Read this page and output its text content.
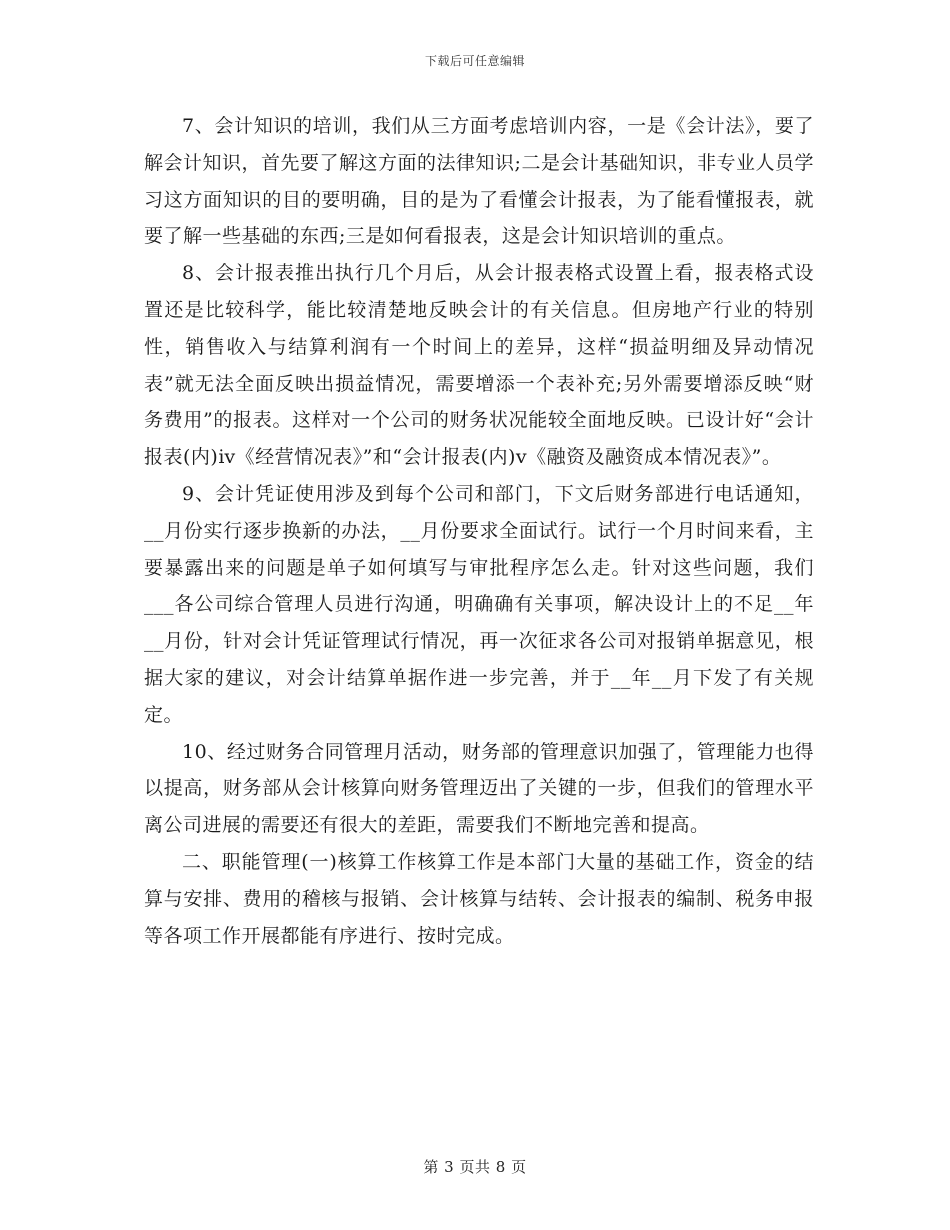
下载后可任意编辑

7、会计知识的培训，我们从三方面考虑培训内容，一是《会计法》，要了解会计知识，首先要了解这方面的法律知识;二是会计基础知识，非专业人员学习这方面知识的目的要明确，目的是为了看懂会计报表，为了能看懂报表，就要了解一些基础的东西;三是如何看报表，这是会计知识培训的重点。

8、会计报表推出执行几个月后，从会计报表格式设置上看，报表格式设置还是比较科学，能比较清楚地反映会计的有关信息。但房地产行业的特别性，销售收入与结算利润有一个时间上的差异，这样“损益明细及异动情况表”就无法全面反映出损益情况，需要增添一个表补充;另外需要增添反映“财务费用”的报表。这样对一个公司的财务状况能较全面地反映。已设计好“会计报表(内)ⅳ《经营情况表》”和“会计报表(内)ⅴ《融资及融资成本情况表》”。

9、会计凭证使用涉及到每个公司和部门，下文后财务部进行电话通知，__月份实行逐步换新的办法，__月份要求全面试行。试行一个月时间来看，主要暴露出来的问题是单子如何填写与审批程序怎么走。针对这些问题，我们___各公司综合管理人员进行沟通，明确确有关事项，解决设计上的不足__年__月份，针对会计凭证管理试行情况，再一次征求各公司对报销单据意见，根据大家的建议，对会计结算单据作进一步完善，并于__年__月下发了有关规定。

10、经过财务合同管理月活动，财务部的管理意识加强了，管理能力也得以提高，财务部从会计核算向财务管理迈出了关键的一步，但我们的管理水平离公司进展的需要还有很大的差距，需要我们不断地完善和提高。

二、职能管理(一)核算工作核算工作是本部门大量的基础工作，资金的结算与安排、费用的稽核与报销、会计核算与结转、会计报表的编制、税务申报等各项工作开展都能有序进行、按时完成。

第 3 页共 8 页
